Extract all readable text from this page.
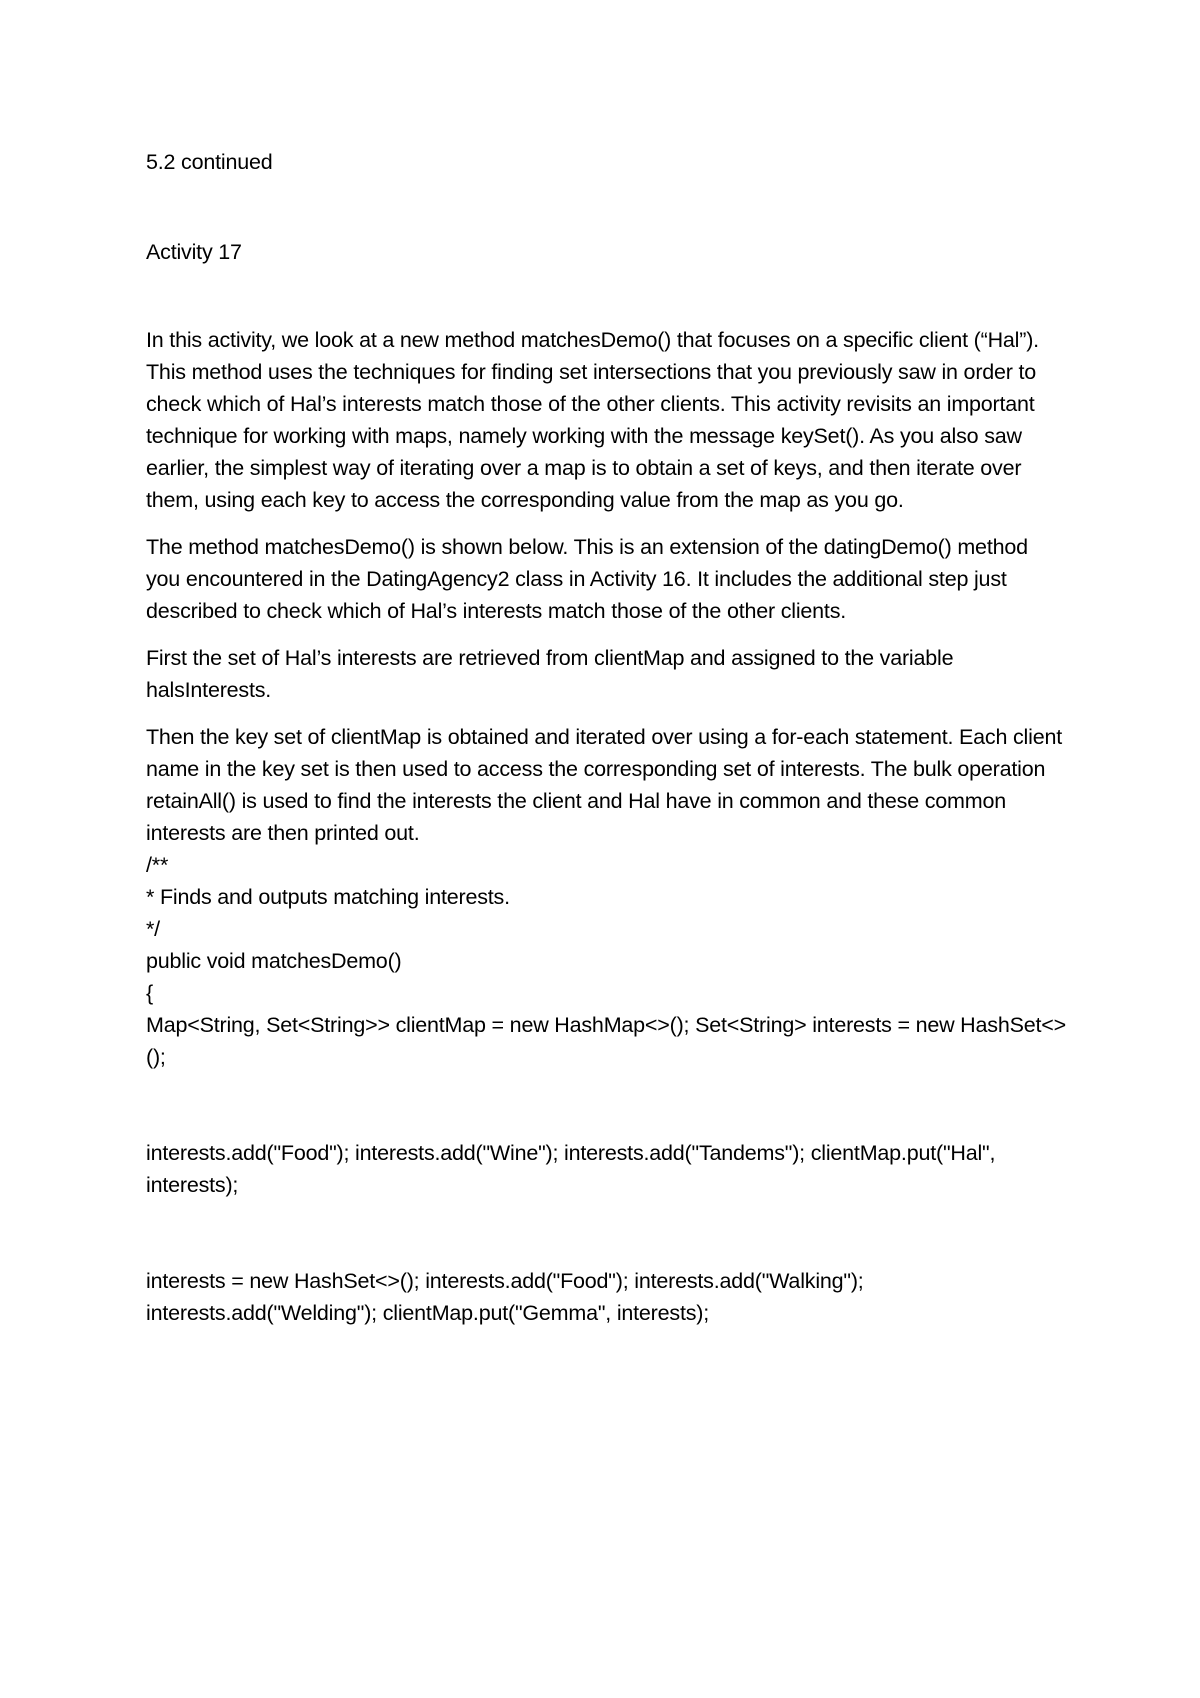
5.2 continued

Activity 17

In this activity, we look at a new method matchesDemo() that focuses on a specific client (“Hal”). This method uses the techniques for finding set intersections that you previously saw in order to check which of Hal’s interests match those of the other clients. This activity revisits an important technique for working with maps, namely working with the message keySet(). As you also saw earlier, the simplest way of iterating over a map is to obtain a set of keys, and then iterate over them, using each key to access the corresponding value from the map as you go.

The method matchesDemo() is shown below. This is an extension of the datingDemo() method you encountered in the DatingAgency2 class in Activity 16. It includes the additional step just described to check which of Hal’s interests match those of the other clients.

First the set of Hal’s interests are retrieved from clientMap and assigned to the variable halsInterests.

Then the key set of clientMap is obtained and iterated over using a for-each statement. Each client name in the key set is then used to access the corresponding set of interests. The bulk operation retainAll() is used to find the interests the client and Hal have in common and these common interests are then printed out.

/**

* Finds and outputs matching interests.

*/

public void matchesDemo()

{

Map<String, Set<String>> clientMap = new HashMap<>(); Set<String> interests = new HashSet<>();

interests.add("Food"); interests.add("Wine"); interests.add("Tandems"); clientMap.put("Hal", interests);

interests = new HashSet<>(); interests.add("Food"); interests.add("Walking"); interests.add("Welding"); clientMap.put("Gemma", interests);
